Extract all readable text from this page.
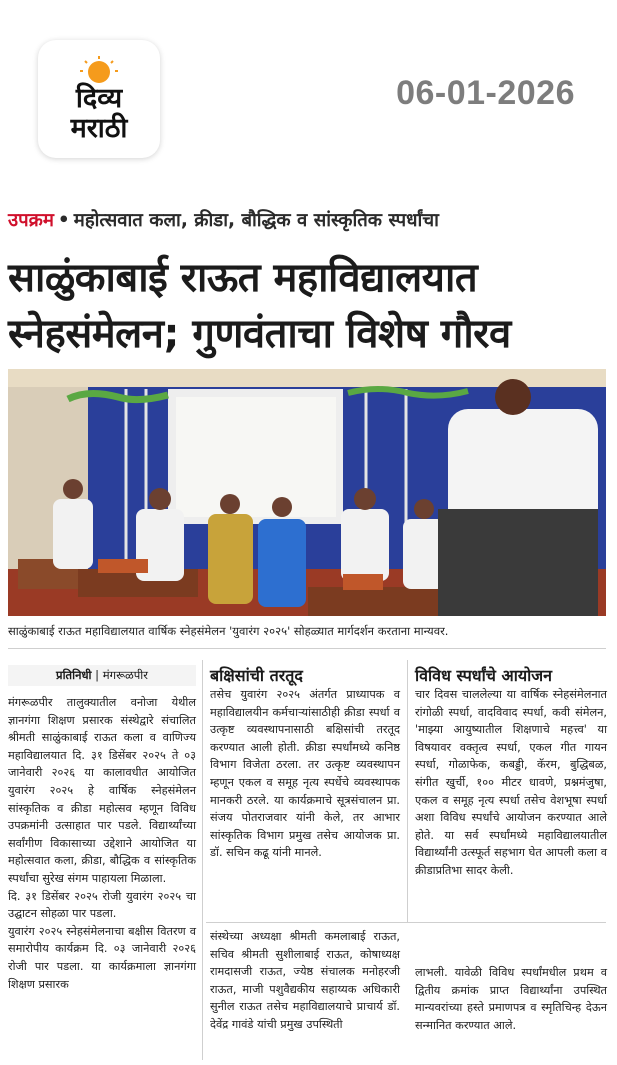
दिव्य
मराठी
06-01-2026
उपक्रम • महोत्सवात कला, क्रीडा, बौद्धिक व सांस्कृतिक स्पर्धांचा
साळुंकाबाई राऊत महाविद्यालयात
स्नेहसंमेलन; गुणवंताचा विशेष गौरव
साळुंकाबाई राऊत महाविद्यालयात वार्षिक स्नेहसंमेलन 'युवारंग २०२५' सोहळ्यात मार्गदर्शन करताना मान्यवर.
प्रतिनिधी | मंगरूळपीर

मंगरूळपीर तालुक्यातील वनोजा येथील ज्ञानगंगा शिक्षण प्रसारक संस्थेद्वारे संचालित श्रीमती साळुंकाबाई राऊत कला व वाणिज्य महाविद्यालयात दि. ३१ डिसेंबर २०२५ ते ०३ जानेवारी २०२६ या कालावधीत आयोजित युवारंग २०२५ हे वार्षिक स्नेहसंमेलन सांस्कृतिक व क्रीडा महोत्सव म्हणून विविध उपक्रमांनी उत्साहात पार पडले. विद्यार्थ्यांच्या सर्वांगीण विकासाच्या उद्देशाने आयोजित या महोत्सवात कला, क्रीडा, बौद्धिक व सांस्कृतिक स्पर्धांचा सुरेख संगम पाहायला मिळाला.

दि. ३१ डिसेंबर २०२५ रोजी युवारंग २०२५ चा उद्घाटन सोहळा पार पडला.

युवारंग २०२५ स्नेहसंमेलनाचा बक्षीस वितरण व समारोपीय कार्यक्रम दि. ०३ जानेवारी २०२६ रोजी पार पडला. या कार्यक्रमाला ज्ञानगंगा शिक्षण प्रसारक

बक्षिसांची तरतूद

तसेच युवारंग २०२५ अंतर्गत प्राध्यापक व महाविद्यालयीन कर्मचाऱ्यांसाठीही क्रीडा स्पर्धा व उत्कृष्ट व्यवस्थापनासाठी बक्षिसांची तरतूद करण्यात आली होती. क्रीडा स्पर्धांमध्ये कनिष्ठ विभाग विजेता ठरला. तर उत्कृष्ट व्यवस्थापन म्हणून एकल व समूह नृत्य स्पर्धेचे व्यवस्थापक मानकरी ठरले. या कार्यक्रमाचे सूत्रसंचालन प्रा. संजय पोतराजवार यांनी केले, तर आभार सांस्कृतिक विभाग प्रमुख तसेच आयोजक प्रा. डॉ. सचिन कढू यांनी मानले.

विविध स्पर्धांचे आयोजन

चार दिवस चाललेल्या या वार्षिक स्नेहसंमेलनात रांगोळी स्पर्धा, वादविवाद स्पर्धा, कवी संमेलन, 'माझ्या आयुष्यातील शिक्षणाचे महत्त्व' या विषयावर वक्तृत्व स्पर्धा, एकल गीत गायन स्पर्धा, गोळाफेक, कबड्डी, कॅरम, बुद्धिबळ, संगीत खुर्ची, १०० मीटर धावणे, प्रश्नमंजुषा, एकल व समूह नृत्य स्पर्धा तसेच वेशभूषा स्पर्धा अशा विविध स्पर्धांचे आयोजन करण्यात आले होते. या सर्व स्पर्धांमध्ये महाविद्यालयातील विद्यार्थ्यांनी उत्स्फूर्त सहभाग घेत आपली कला व क्रीडाप्रतिभा सादर केली.

संस्थेच्या अध्यक्षा श्रीमती कमलाबाई राऊत, सचिव श्रीमती सुशीलाबाई राऊत, कोषाध्यक्ष रामदासजी राऊत, ज्येष्ठ संचालक मनोहरजी राऊत, माजी पशुवैद्यकीय सहाय्यक अधिकारी सुनील राऊत तसेच महाविद्यालयाचे प्राचार्य डॉ. देवेंद्र गावंडे यांची प्रमुख उपस्थिती

लाभली. यावेळी विविध स्पर्धांमधील प्रथम व द्वितीय क्रमांक प्राप्त विद्यार्थ्यांना उपस्थित मान्यवरांच्या हस्ते प्रमाणपत्र व स्मृतिचिन्ह देऊन सन्मानित करण्यात आले.
